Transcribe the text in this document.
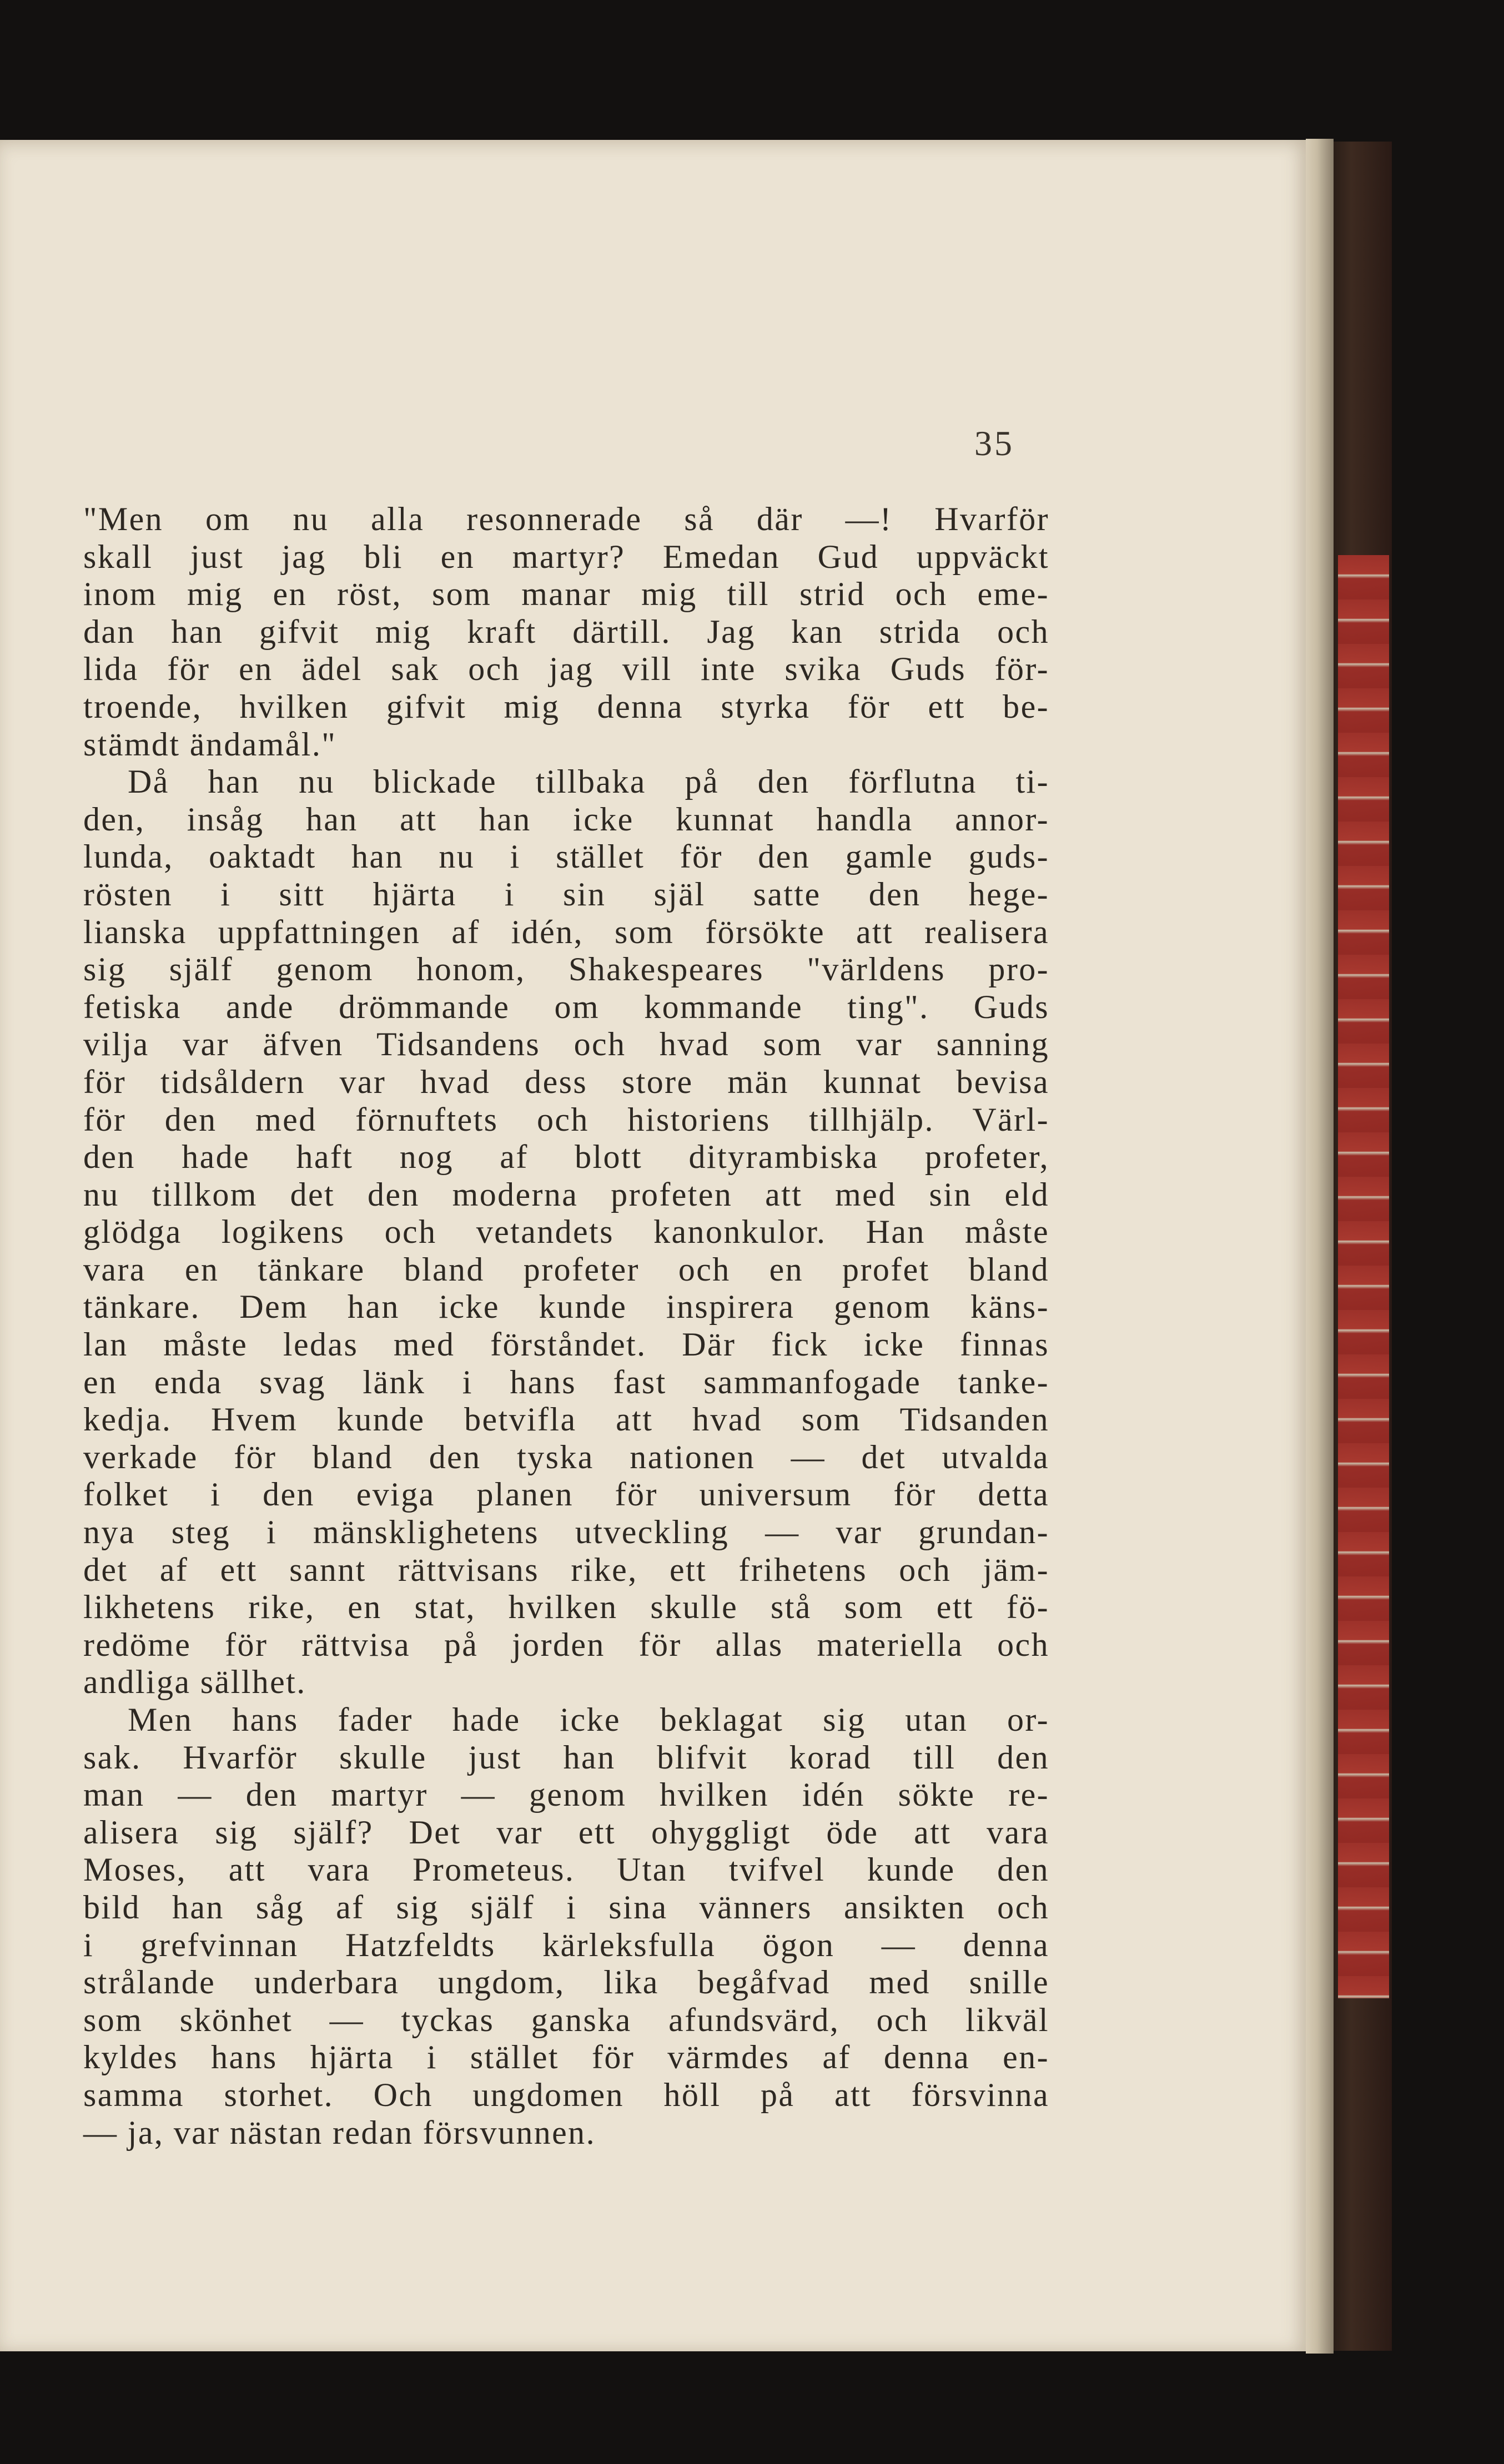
35
"Men om nu alla resonnerade så där —! Hvarför
skall just jag bli en martyr? Emedan Gud uppväckt
inom mig en röst, som manar mig till strid och eme-
dan han gifvit mig kraft därtill. Jag kan strida och
lida för en ädel sak och jag vill inte svika Guds för-
troende, hvilken gifvit mig denna styrka för ett be-
stämdt ändamål."
Då han nu blickade tillbaka på den förflutna ti-
den, insåg han att han icke kunnat handla annor-
lunda, oaktadt han nu i stället för den gamle guds-
rösten i sitt hjärta i sin själ satte den hege-
lianska uppfattningen af idén, som försökte att realisera
sig själf genom honom, Shakespeares "världens pro-
fetiska ande drömmande om kommande ting". Guds
vilja var äfven Tidsandens och hvad som var sanning
för tidsåldern var hvad dess store män kunnat bevisa
för den med förnuftets och historiens tillhjälp. Värl-
den hade haft nog af blott dityrambiska profeter,
nu tillkom det den moderna profeten att med sin eld
glödga logikens och vetandets kanonkulor. Han måste
vara en tänkare bland profeter och en profet bland
tänkare. Dem han icke kunde inspirera genom käns-
lan måste ledas med förståndet. Där fick icke finnas
en enda svag länk i hans fast sammanfogade tanke-
kedja. Hvem kunde betvifla att hvad som Tidsanden
verkade för bland den tyska nationen — det utvalda
folket i den eviga planen för universum för detta
nya steg i mänsklighetens utveckling — var grundan-
det af ett sannt rättvisans rike, ett frihetens och jäm-
likhetens rike, en stat, hvilken skulle stå som ett fö-
redöme för rättvisa på jorden för allas materiella och
andliga sällhet.
Men hans fader hade icke beklagat sig utan or-
sak. Hvarför skulle just han blifvit korad till den
man — den martyr — genom hvilken idén sökte re-
alisera sig själf? Det var ett ohyggligt öde att vara
Moses, att vara Prometeus. Utan tvifvel kunde den
bild han såg af sig själf i sina vänners ansikten och
i grefvinnan Hatzfeldts kärleksfulla ögon — denna
strålande underbara ungdom, lika begåfvad med snille
som skönhet — tyckas ganska afundsvärd, och likväl
kyldes hans hjärta i stället för värmdes af denna en-
samma storhet. Och ungdomen höll på att försvinna
— ja, var nästan redan försvunnen.
